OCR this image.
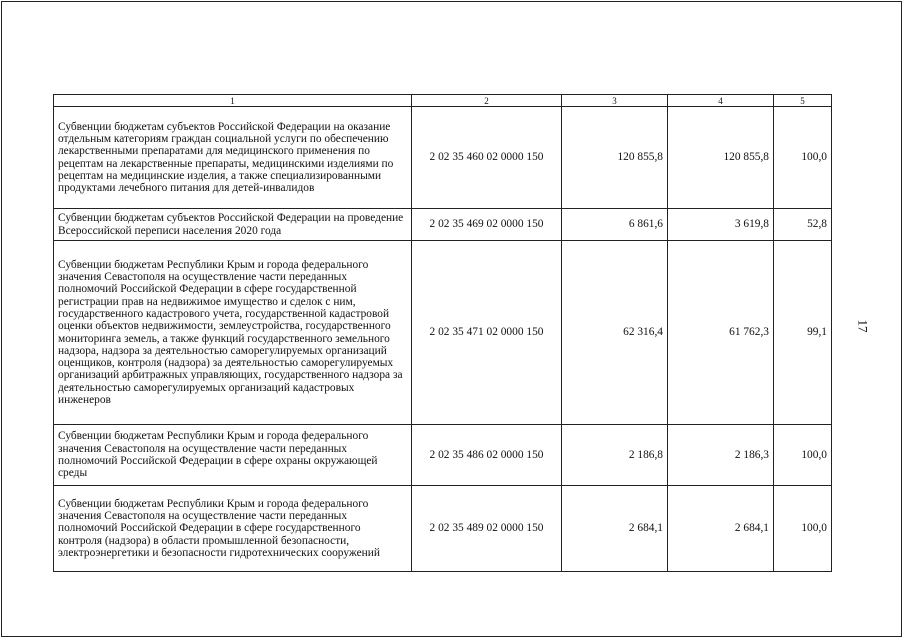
1	2	3	4	5
Субвенции бюджетам субъектов Российской Федерации на оказание отдельным категориям граждан социальной услуги по обеспечению лекарственными препаратами для медицинского применения по рецептам на лекарственные препараты, медицинскими изделиями по рецептам на медицинские изделия, а также специализированными продуктами лечебного питания для детей-инвалидов	2 02 35 460 02 0000 150	120 855,8	120 855,8	100,0
Субвенции бюджетам субъектов Российской Федерации на проведение Всероссийской переписи населения 2020 года	2 02 35 469 02 0000 150	6 861,6	3 619,8	52,8
Субвенции бюджетам Республики Крым и города федерального значения Севастополя на осуществление части переданных полномочий Российской Федерации в сфере государственной регистрации прав на недвижимое имущество и сделок с ним, государственного кадастрового учета, государственной кадастровой оценки объектов недвижимости, землеустройства, государственного мониторинга земель, а также функций государственного земельного надзора, надзора за деятельностью саморегулируемых организаций оценщиков, контроля (надзора) за деятельностью саморегулируемых организаций арбитражных управляющих, государственного надзора за деятельностью саморегулируемых организаций кадастровых инженеров	2 02 35 471 02 0000 150	62 316,4	61 762,3	99,1
Субвенции бюджетам Республики Крым и города федерального значения Севастополя на осуществление части переданных полномочий Российской Федерации в сфере охраны окружающей среды	2 02 35 486 02 0000 150	2 186,8	2 186,3	100,0
Субвенции бюджетам Республики Крым и города федерального значения Севастополя на осуществление части переданных полномочий Российской Федерации в сфере государственного контроля (надзора) в области промышленной безопасности, электроэнергетики и безопасности гидротехнических сооружений	2 02 35 489 02 0000 150	2 684,1	2 684,1	100,0
17
